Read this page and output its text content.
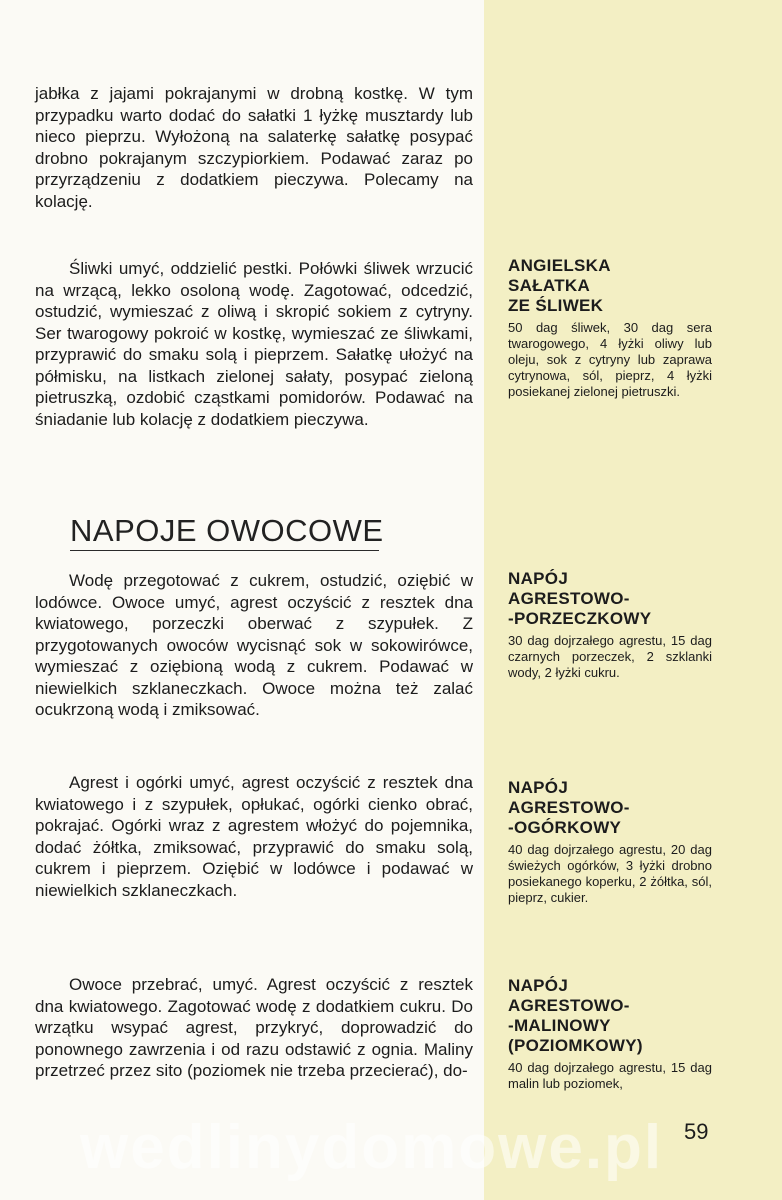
jabłka z jajami pokrajanymi w drobną kostkę. W tym przypadku warto dodać do sałatki 1 łyżkę musztardy lub nieco pieprzu. Wyłożoną na salaterkę sałatkę posypać drobno pokrajanym szczypiorkiem. Podawać zaraz po przyrządzeniu z dodatkiem pieczywa. Polecamy na kolację.

Śliwki umyć, oddzielić pestki. Połówki śliwek wrzucić na wrzącą, lekko osoloną wodę. Zagotować, odcedzić, ostudzić, wymieszać z oliwą i skropić sokiem z cytryny. Ser twarogowy pokroić w kostkę, wymieszać ze śliwkami, przyprawić do smaku solą i pieprzem. Sałatkę ułożyć na półmisku, na listkach zielonej sałaty, posypać zieloną pietruszką, ozdobić cząstkami pomidorów. Podawać na śniadanie lub kolację z dodatkiem pieczywa.

NAPOJE OWOCOWE

Wodę przegotować z cukrem, ostudzić, oziębić w lodówce. Owoce umyć, agrest oczyścić z resztek dna kwiatowego, porzeczki oberwać z szypułek. Z przygotowanych owoców wycisnąć sok w sokowirówce, wymieszać z oziębioną wodą z cukrem. Podawać w niewielkich szklaneczkach. Owoce można też zalać ocukrzoną wodą i zmiksować.

Agrest i ogórki umyć, agrest oczyścić z resztek dna kwiatowego i z szypułek, opłukać, ogórki cienko obrać, pokrajać. Ogórki wraz z agrestem włożyć do pojemnika, dodać żółtka, zmiksować, przyprawić do smaku solą, cukrem i pieprzem. Oziębić w lodówce i podawać w niewielkich szklaneczkach.

Owoce przebrać, umyć. Agrest oczyścić z resztek dna kwiatowego. Zagotować wodę z dodatkiem cukru. Do wrzątku wsypać agrest, przykryć, doprowadzić do ponownego zawrzenia i od razu odstawić z ognia. Maliny przetrzeć przez sito (poziomek nie trzeba przecierać), do-

ANGIELSKA
SAŁATKA
ZE ŚLIWEK

50 dag śliwek, 30 dag sera twarogowego, 4 łyżki oliwy lub oleju, sok z cytryny lub zaprawa cytrynowa, sól, pieprz, 4 łyżki posiekanej zielonej pietruszki.

NAPÓJ
AGRESTOWO-
-PORZECZKOWY

30 dag dojrzałego agrestu, 15 dag czarnych porzeczek, 2 szklanki wody, 2 łyżki cukru.

NAPÓJ
AGRESTOWO-
-OGÓRKOWY

40 dag dojrzałego agrestu, 20 dag świeżych ogórków, 3 łyżki drobno posiekanego koperku, 2 żółtka, sól, pieprz, cukier.

NAPÓJ
AGRESTOWO-
-MALINOWY
(POZIOMKOWY)

40 dag dojrzałego agrestu, 15 dag malin lub poziomek,

wedlinydomowe.pl 59
